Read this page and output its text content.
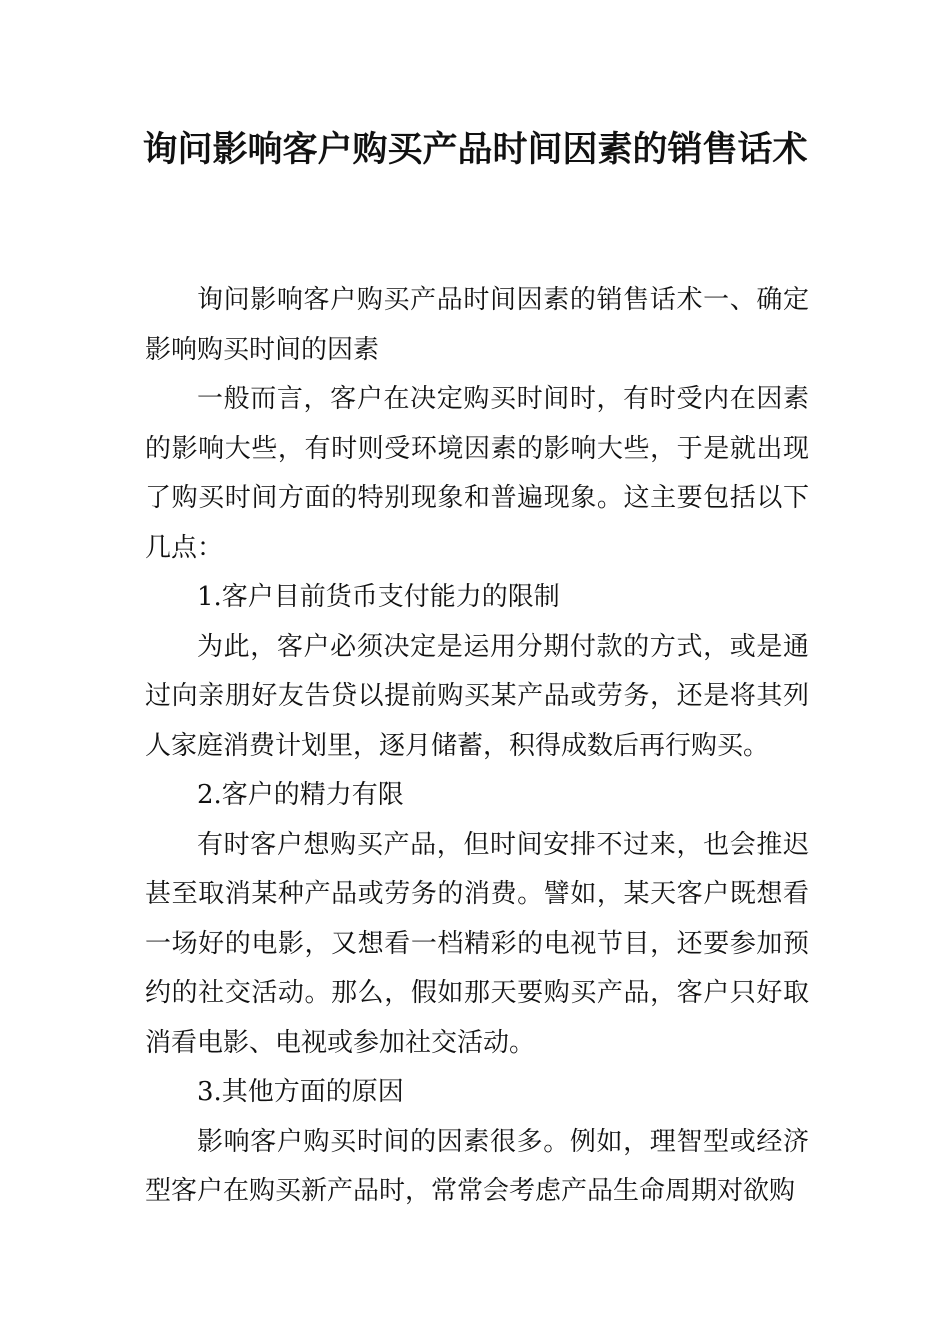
询问影响客户购买产品时间因素的销售话术

询问影响客户购买产品时间因素的销售话术一、确定影响购买时间的因素

一般而言，客户在决定购买时间时，有时受内在因素的影响大些，有时则受环境因素的影响大些，于是就出现了购买时间方面的特别现象和普遍现象。这主要包括以下几点：

1.客户目前货币支付能力的限制

为此，客户必须决定是运用分期付款的方式，或是通过向亲朋好友告贷以提前购买某产品或劳务，还是将其列人家庭消费计划里，逐月储蓄，积得成数后再行购买。

2.客户的精力有限

有时客户想购买产品，但时间安排不过来，也会推迟甚至取消某种产品或劳务的消费。譬如，某天客户既想看一场好的电影，又想看一档精彩的电视节目，还要参加预约的社交活动。那么，假如那天要购买产品，客户只好取消看电影、电视或参加社交活动。

3.其他方面的原因

影响客户购买时间的因素很多。例如，理智型或经济型客户在购买新产品时，常常会考虑产品生命周期对欲购
